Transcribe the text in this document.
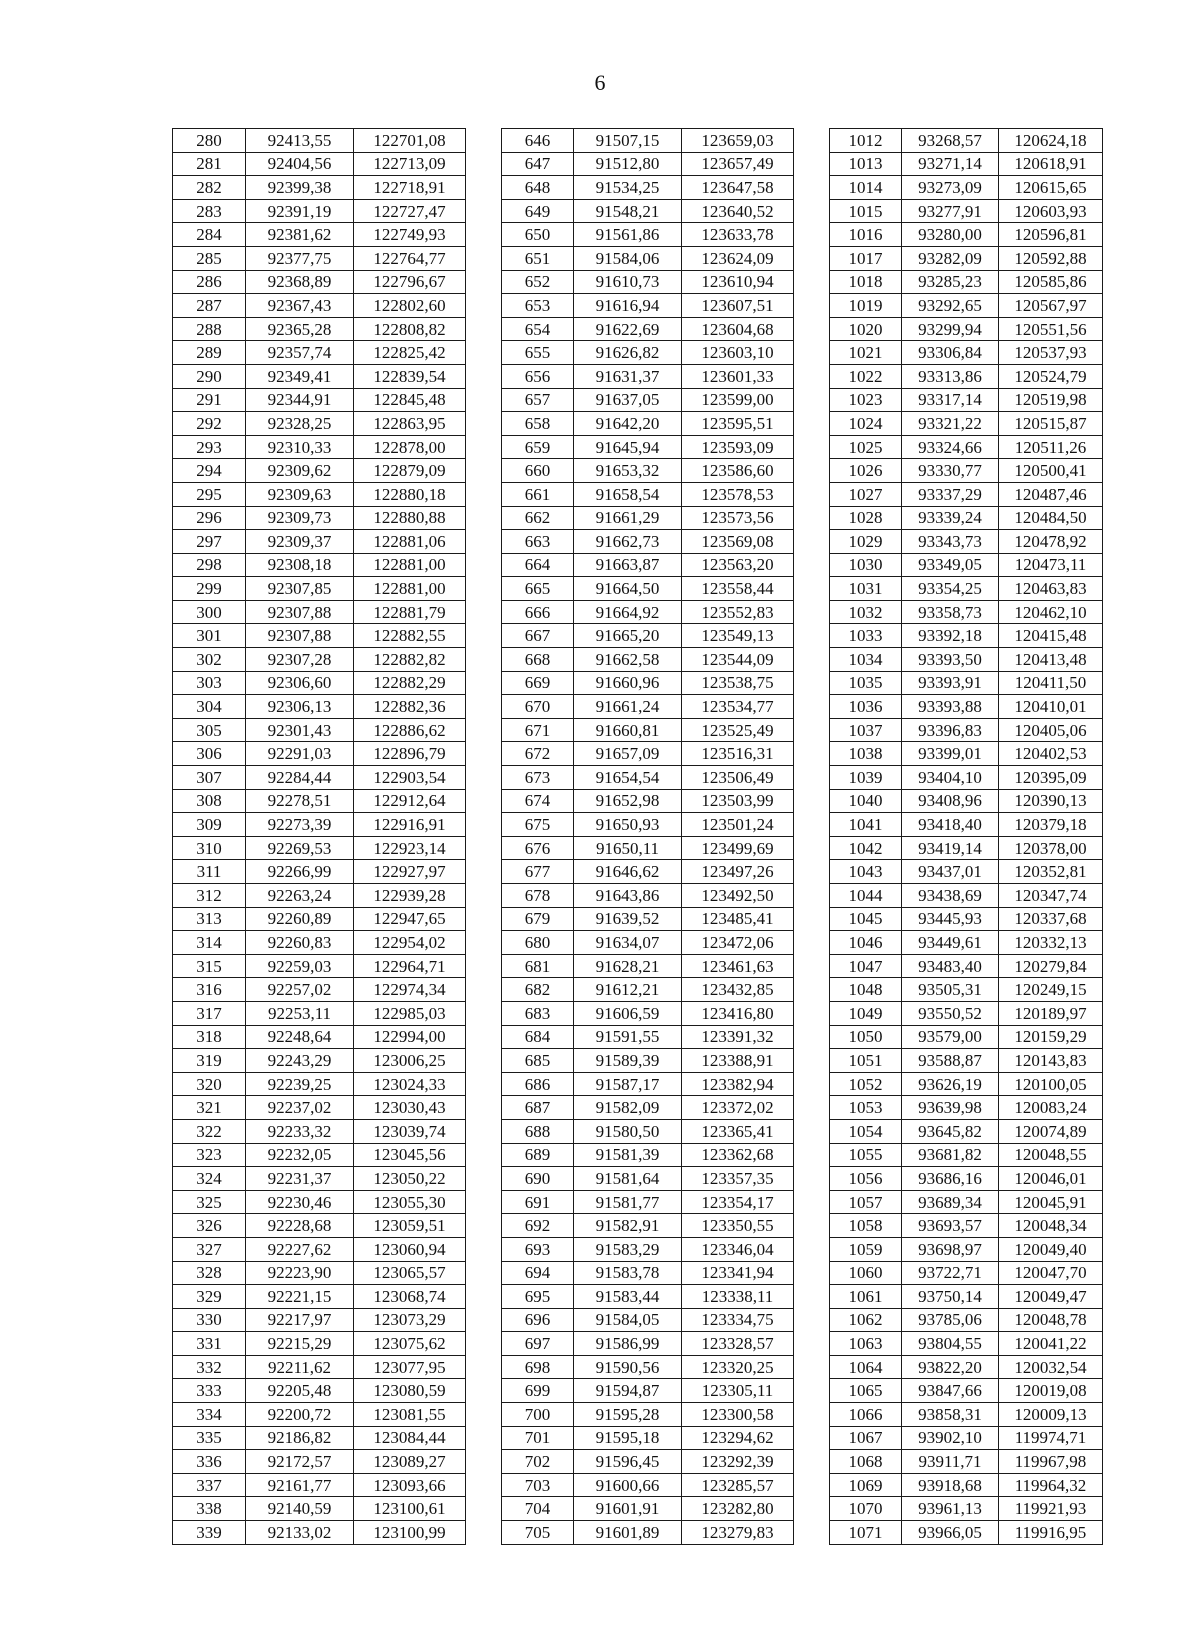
6
280	92413,55	122701,08		646	91507,15	123659,03		1012	93268,57	120624,18
281	92404,56	122713,09		647	91512,80	123657,49		1013	93271,14	120618,91
282	92399,38	122718,91		648	91534,25	123647,58		1014	93273,09	120615,65
283	92391,19	122727,47		649	91548,21	123640,52		1015	93277,91	120603,93
284	92381,62	122749,93		650	91561,86	123633,78		1016	93280,00	120596,81
285	92377,75	122764,77		651	91584,06	123624,09		1017	93282,09	120592,88
286	92368,89	122796,67		652	91610,73	123610,94		1018	93285,23	120585,86
287	92367,43	122802,60		653	91616,94	123607,51		1019	93292,65	120567,97
288	92365,28	122808,82		654	91622,69	123604,68		1020	93299,94	120551,56
289	92357,74	122825,42		655	91626,82	123603,10		1021	93306,84	120537,93
290	92349,41	122839,54		656	91631,37	123601,33		1022	93313,86	120524,79
291	92344,91	122845,48		657	91637,05	123599,00		1023	93317,14	120519,98
292	92328,25	122863,95		658	91642,20	123595,51		1024	93321,22	120515,87
293	92310,33	122878,00		659	91645,94	123593,09		1025	93324,66	120511,26
294	92309,62	122879,09		660	91653,32	123586,60		1026	93330,77	120500,41
295	92309,63	122880,18		661	91658,54	123578,53		1027	93337,29	120487,46
296	92309,73	122880,88		662	91661,29	123573,56		1028	93339,24	120484,50
297	92309,37	122881,06		663	91662,73	123569,08		1029	93343,73	120478,92
298	92308,18	122881,00		664	91663,87	123563,20		1030	93349,05	120473,11
299	92307,85	122881,00		665	91664,50	123558,44		1031	93354,25	120463,83
300	92307,88	122881,79		666	91664,92	123552,83		1032	93358,73	120462,10
301	92307,88	122882,55		667	91665,20	123549,13		1033	93392,18	120415,48
302	92307,28	122882,82		668	91662,58	123544,09		1034	93393,50	120413,48
303	92306,60	122882,29		669	91660,96	123538,75		1035	93393,91	120411,50
304	92306,13	122882,36		670	91661,24	123534,77		1036	93393,88	120410,01
305	92301,43	122886,62		671	91660,81	123525,49		1037	93396,83	120405,06
306	92291,03	122896,79		672	91657,09	123516,31		1038	93399,01	120402,53
307	92284,44	122903,54		673	91654,54	123506,49		1039	93404,10	120395,09
308	92278,51	122912,64		674	91652,98	123503,99		1040	93408,96	120390,13
309	92273,39	122916,91		675	91650,93	123501,24		1041	93418,40	120379,18
310	92269,53	122923,14		676	91650,11	123499,69		1042	93419,14	120378,00
311	92266,99	122927,97		677	91646,62	123497,26		1043	93437,01	120352,81
312	92263,24	122939,28		678	91643,86	123492,50		1044	93438,69	120347,74
313	92260,89	122947,65		679	91639,52	123485,41		1045	93445,93	120337,68
314	92260,83	122954,02		680	91634,07	123472,06		1046	93449,61	120332,13
315	92259,03	122964,71		681	91628,21	123461,63		1047	93483,40	120279,84
316	92257,02	122974,34		682	91612,21	123432,85		1048	93505,31	120249,15
317	92253,11	122985,03		683	91606,59	123416,80		1049	93550,52	120189,97
318	92248,64	122994,00		684	91591,55	123391,32		1050	93579,00	120159,29
319	92243,29	123006,25		685	91589,39	123388,91		1051	93588,87	120143,83
320	92239,25	123024,33		686	91587,17	123382,94		1052	93626,19	120100,05
321	92237,02	123030,43		687	91582,09	123372,02		1053	93639,98	120083,24
322	92233,32	123039,74		688	91580,50	123365,41		1054	93645,82	120074,89
323	92232,05	123045,56		689	91581,39	123362,68		1055	93681,82	120048,55
324	92231,37	123050,22		690	91581,64	123357,35		1056	93686,16	120046,01
325	92230,46	123055,30		691	91581,77	123354,17		1057	93689,34	120045,91
326	92228,68	123059,51		692	91582,91	123350,55		1058	93693,57	120048,34
327	92227,62	123060,94		693	91583,29	123346,04		1059	93698,97	120049,40
328	92223,90	123065,57		694	91583,78	123341,94		1060	93722,71	120047,70
329	92221,15	123068,74		695	91583,44	123338,11		1061	93750,14	120049,47
330	92217,97	123073,29		696	91584,05	123334,75		1062	93785,06	120048,78
331	92215,29	123075,62		697	91586,99	123328,57		1063	93804,55	120041,22
332	92211,62	123077,95		698	91590,56	123320,25		1064	93822,20	120032,54
333	92205,48	123080,59		699	91594,87	123305,11		1065	93847,66	120019,08
334	92200,72	123081,55		700	91595,28	123300,58		1066	93858,31	120009,13
335	92186,82	123084,44		701	91595,18	123294,62		1067	93902,10	119974,71
336	92172,57	123089,27		702	91596,45	123292,39		1068	93911,71	119967,98
337	92161,77	123093,66		703	91600,66	123285,57		1069	93918,68	119964,32
338	92140,59	123100,61		704	91601,91	123282,80		1070	93961,13	119921,93
339	92133,02	123100,99		705	91601,89	123279,83		1071	93966,05	119916,95
